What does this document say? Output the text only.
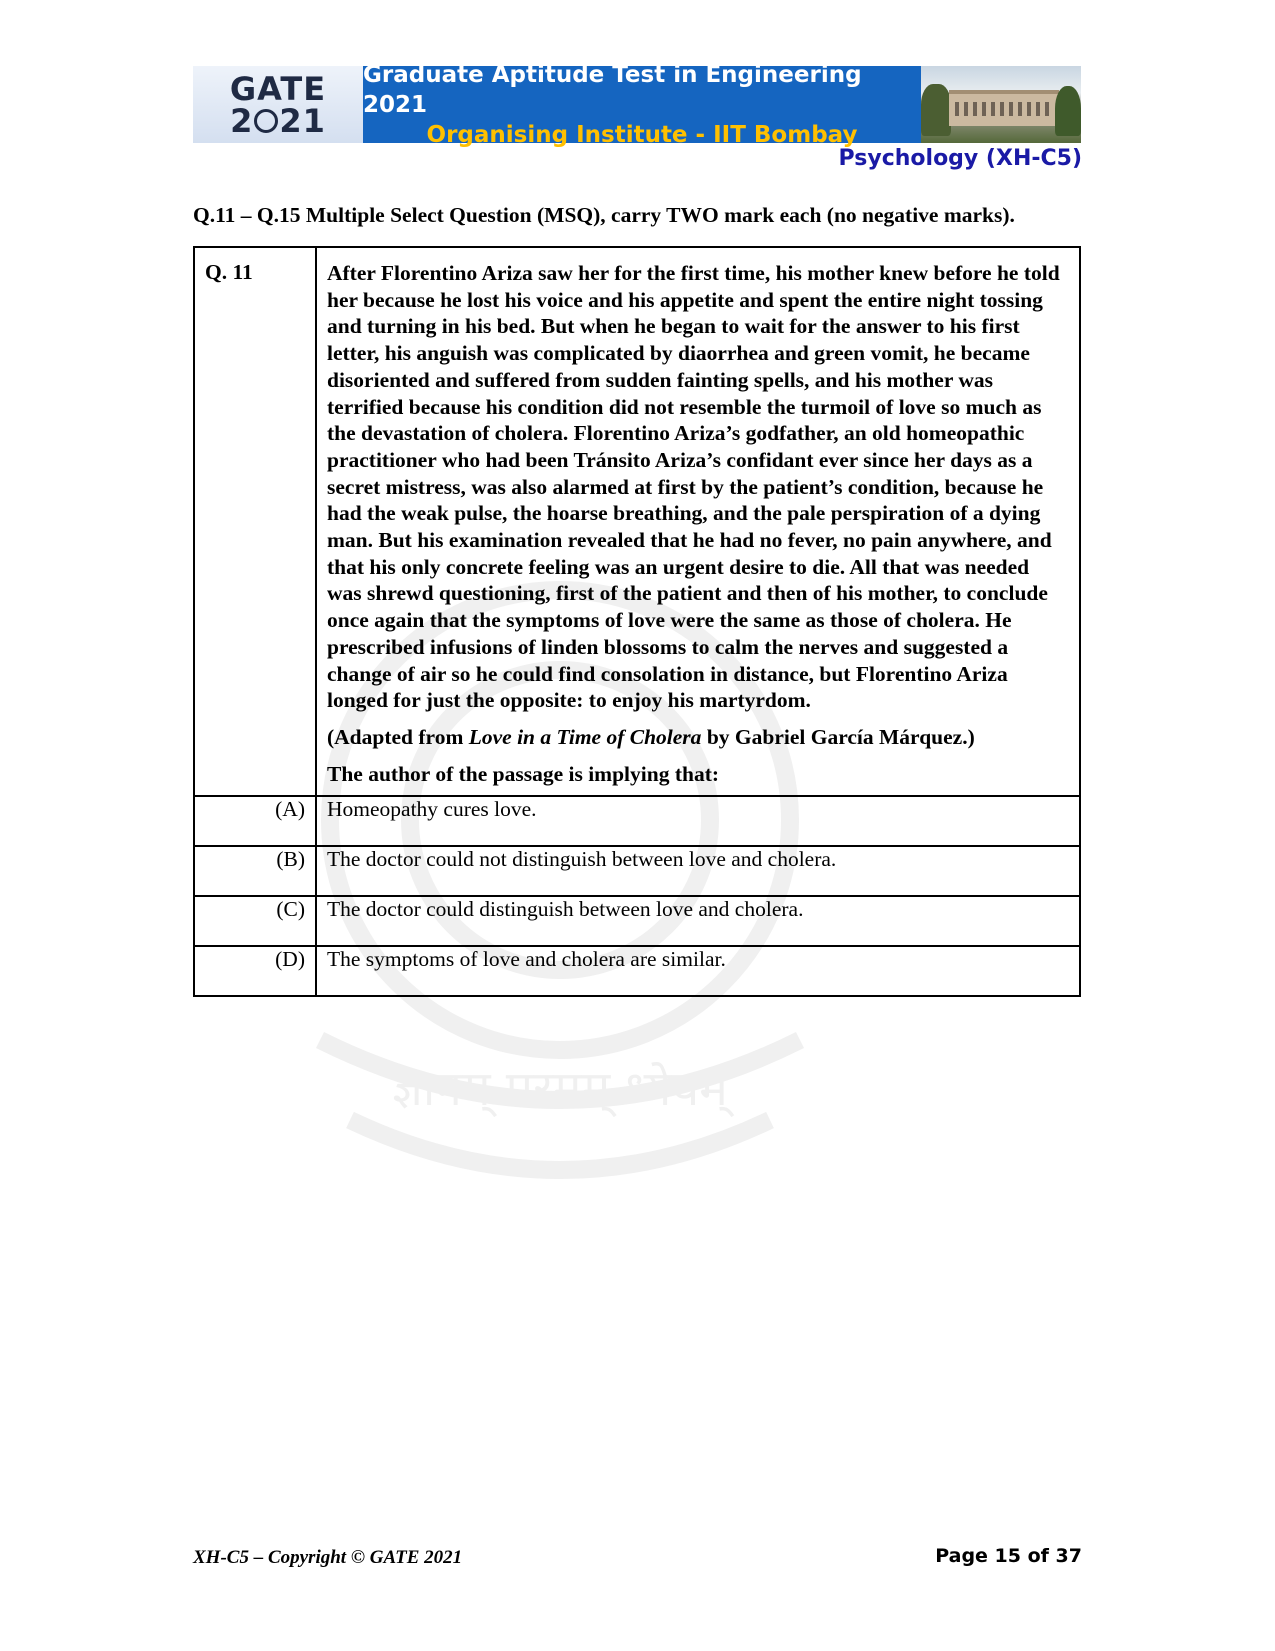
ज्ञानम् परमम् ध्येयम्
GATE
2 21
Graduate Aptitude Test in Engineering 2021
Organising Institute - IIT Bombay
Psychology (XH-C5)
Q.11 – Q.15 Multiple Select Question (MSQ), carry TWO mark each (no negative marks).
Q. 11	After Florentino Ariza saw her for the first time, his mother knew before he told her because he lost his voice and his appetite and spent the entire night tossing and turning in his bed. But when he began to wait for the answer to his first letter, his anguish was complicated by diaorrhea and green vomit, he became disoriented and suffered from sudden fainting spells, and his mother was terrified because his condition did not resemble the turmoil of love so much as the devastation of cholera. Florentino Ariza’s godfather, an old homeopathic practitioner who had been Tránsito Ariza’s confidant ever since her days as a secret mistress, was also alarmed at first by the patient’s condition, because he had the weak pulse, the hoarse breathing, and the pale perspiration of a dying man. But his examination revealed that he had no fever, no pain anywhere, and that his only concrete feeling was an urgent desire to die. All that was needed was shrewd questioning, first of the patient and then of his mother, to conclude once again that the symptoms of love were the same as those of cholera. He prescribed infusions of linden blossoms to calm the nerves and suggested a change of air so he could find consolation in distance, but Florentino Ariza longed for just the opposite: to enjoy his martyrdom.

(Adapted from Love in a Time of Cholera by Gabriel García Márquez.)

The author of the passage is implying that:

(A)	Homeopathy cures love.
(B)	The doctor could not distinguish between love and cholera.
(C)	The doctor could distinguish between love and cholera.
(D)	The symptoms of love and cholera are similar.
XH-C5 – Copyright © GATE 2021	Page 15 of 37
